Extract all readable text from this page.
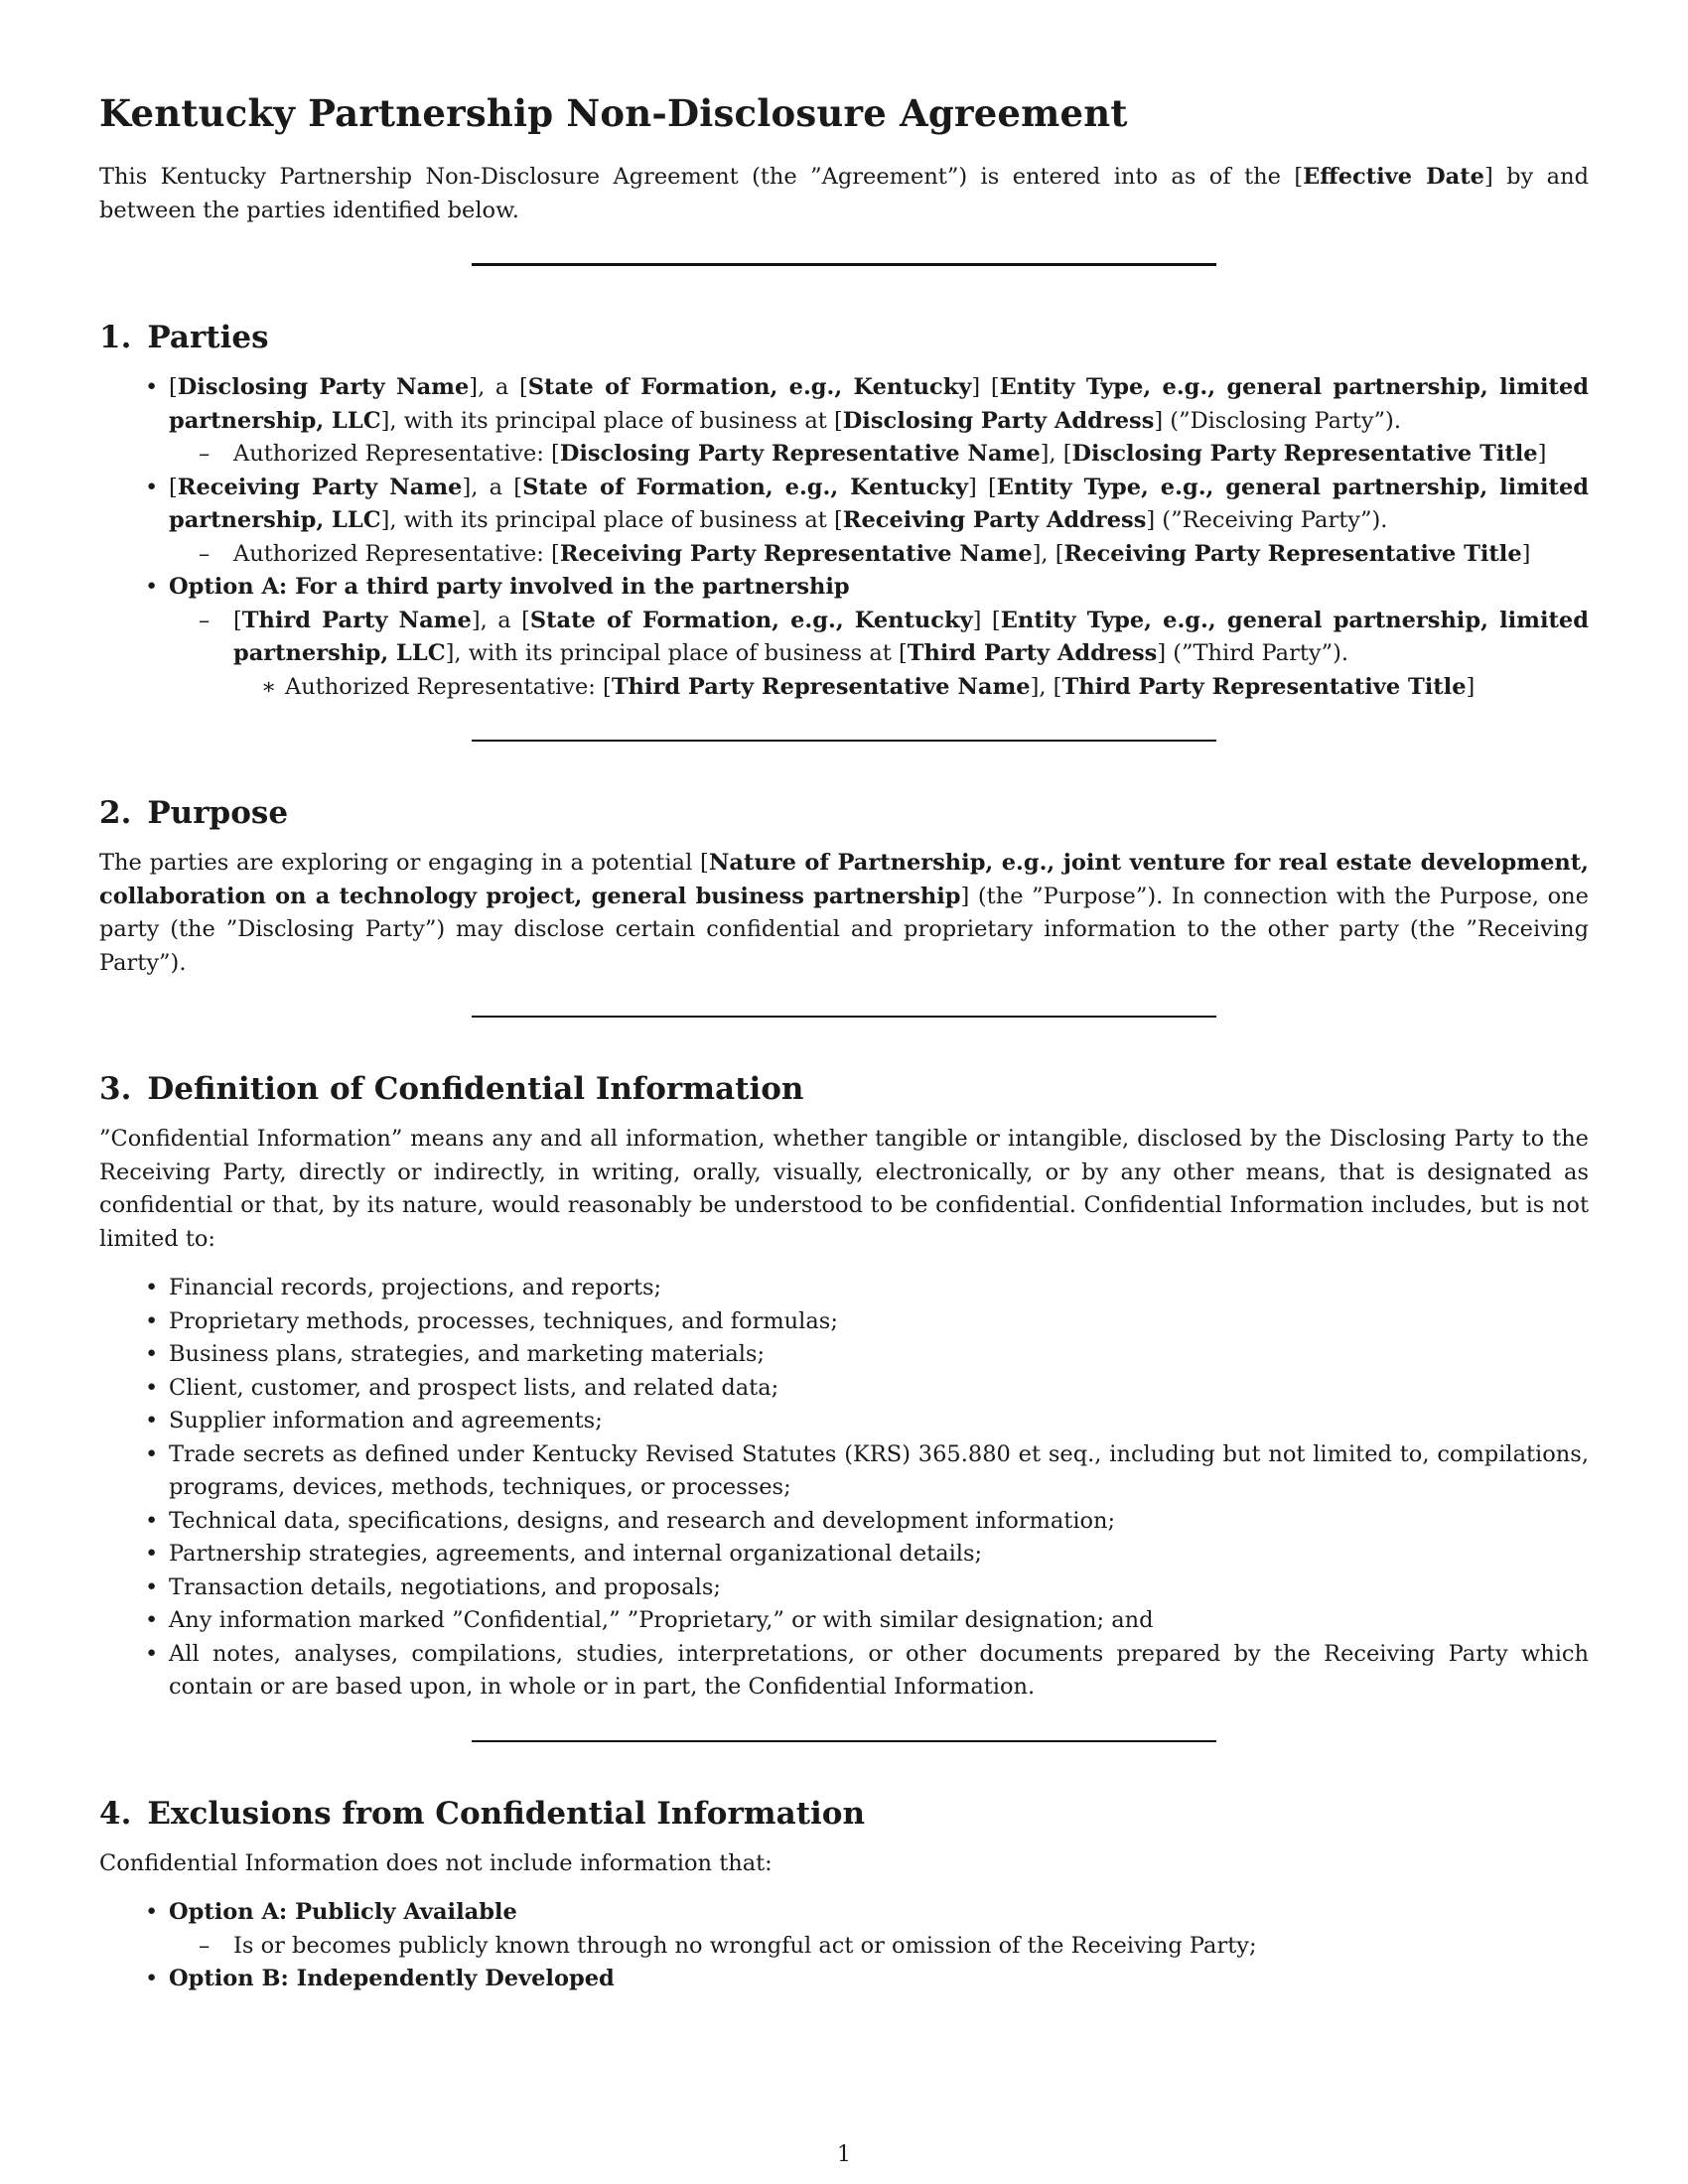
Kentucky Partnership Non-Disclosure Agreement

This Kentucky Partnership Non-Disclosure Agreement (the ”Agreement”) is entered into as of the [Effective Date] by and between the parties identified below.

1. Parties
• [Disclosing Party Name], a [State of Formation, e.g., Kentucky] [Entity Type, e.g., general partnership, limited partnership, LLC], with its principal place of business at [Disclosing Party Address] (”Disclosing Party”).
– Authorized Representative: [Disclosing Party Representative Name], [Disclosing Party Representative Title]
• [Receiving Party Name], a [State of Formation, e.g., Kentucky] [Entity Type, e.g., general partnership, limited partnership, LLC], with its principal place of business at [Receiving Party Address] (”Receiving Party”).
– Authorized Representative: [Receiving Party Representative Name], [Receiving Party Representative Title]
• Option A: For a third party involved in the partnership
– [Third Party Name], a [State of Formation, e.g., Kentucky] [Entity Type, e.g., general partnership, limited partnership, LLC], with its principal place of business at [Third Party Address] (”Third Party”).
∗ Authorized Representative: [Third Party Representative Name], [Third Party Representative Title]
2. Purpose

The parties are exploring or engaging in a potential [Nature of Partnership, e.g., joint venture for real estate development, collaboration on a technology project, general business partnership] (the ”Purpose”). In connection with the Purpose, one party (the ”Disclosing Party”) may disclose certain confidential and proprietary information to the other party (the ”Receiving Party”).

3. Definition of Confidential Information

”Confidential Information” means any and all information, whether tangible or intangible, disclosed by the Disclosing Party to the Receiving Party, directly or indirectly, in writing, orally, visually, electronically, or by any other means, that is designated as confidential or that, by its nature, would reasonably be understood to be confidential. Confidential Information includes, but is not limited to:

• Financial records, projections, and reports;
• Proprietary methods, processes, techniques, and formulas;
• Business plans, strategies, and marketing materials;
• Client, customer, and prospect lists, and related data;
• Supplier information and agreements;
• Trade secrets as defined under Kentucky Revised Statutes (KRS) 365.880 et seq., including but not limited to, compilations, programs, devices, methods, techniques, or processes;
• Technical data, specifications, designs, and research and development information;
• Partnership strategies, agreements, and internal organizational details;
• Transaction details, negotiations, and proposals;
• Any information marked ”Confidential,” ”Proprietary,” or with similar designation; and
• All notes, analyses, compilations, studies, interpretations, or other documents prepared by the Receiving Party which contain or are based upon, in whole or in part, the Confidential Information.
4. Exclusions from Confidential Information

Confidential Information does not include information that:

• Option A: Publicly Available
– Is or becomes publicly known through no wrongful act or omission of the Receiving Party;
• Option B: Independently Developed
1
